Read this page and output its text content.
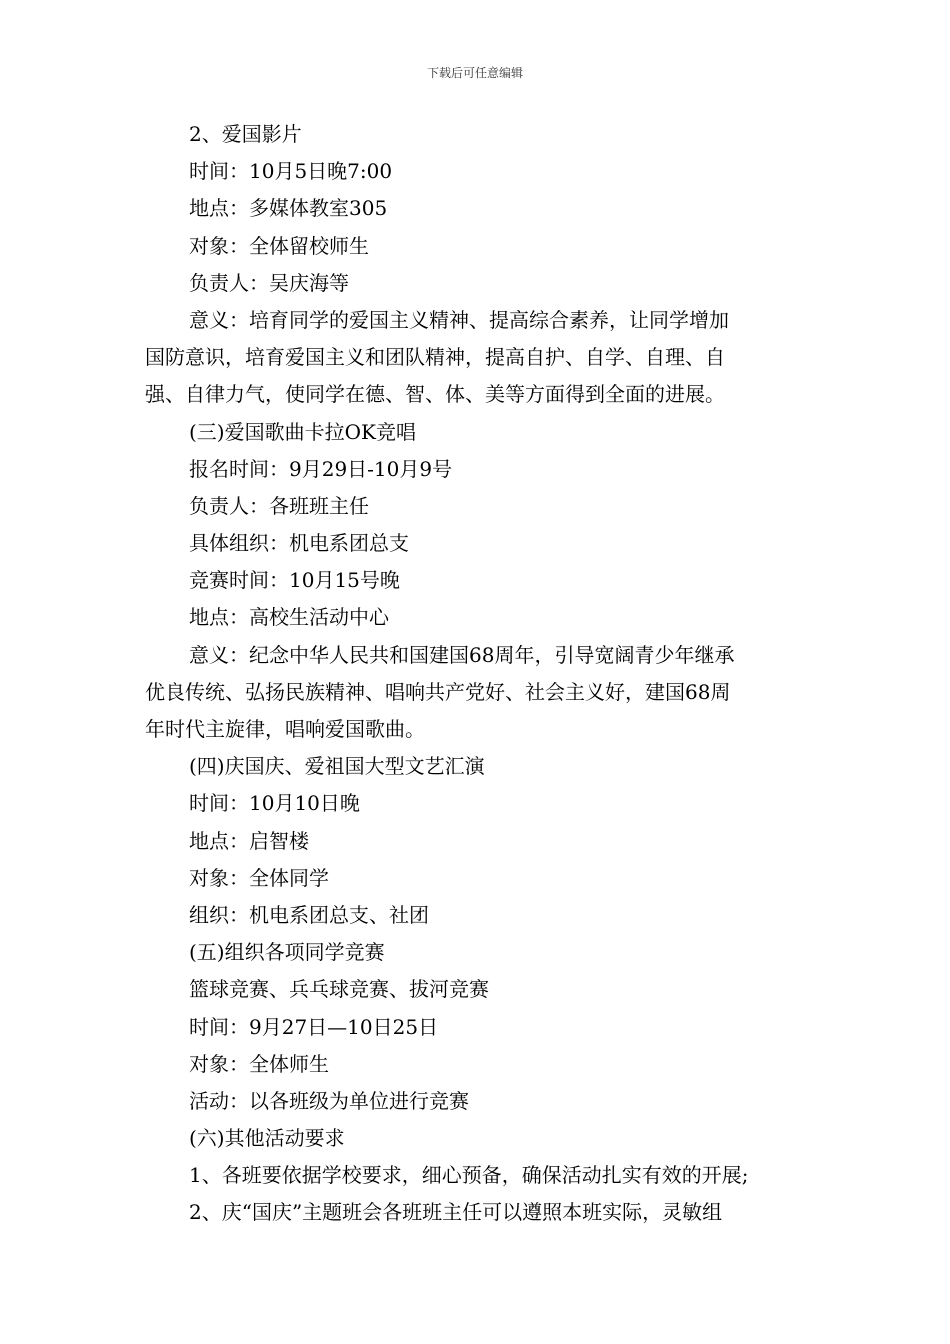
下载后可任意编辑
2、爱国影片
时间：10月5日晚7:00
地点：多媒体教室305
对象：全体留校师生
负责人：吴庆海等
意义：培育同学的爱国主义精神、提高综合素养，让同学增加
国防意识，培育爱国主义和团队精神，提高自护、自学、自理、自
强、自律力气，使同学在德、智、体、美等方面得到全面的进展。
(三)爱国歌曲卡拉OK竞唱
报名时间：9月29日-10月9号
负责人：各班班主任
具体组织：机电系团总支
竞赛时间：10月15号晚
地点：高校生活动中心
意义：纪念中华人民共和国建国68周年，引导宽阔青少年继承
优良传统、弘扬民族精神、唱响共产党好、社会主义好，建国68周
年时代主旋律，唱响爱国歌曲。
(四)庆国庆、爱祖国大型文艺汇演
时间：10月10日晚
地点：启智楼
对象：全体同学
组织：机电系团总支、社团
(五)组织各项同学竞赛
篮球竞赛、兵乓球竞赛、拔河竞赛
时间：9月27日—10日25日
对象：全体师生
活动：以各班级为单位进行竞赛
(六)其他活动要求
1、各班要依据学校要求，细心预备，确保活动扎实有效的开展;
2、庆“国庆”主题班会各班班主任可以遵照本班实际，灵敏组
